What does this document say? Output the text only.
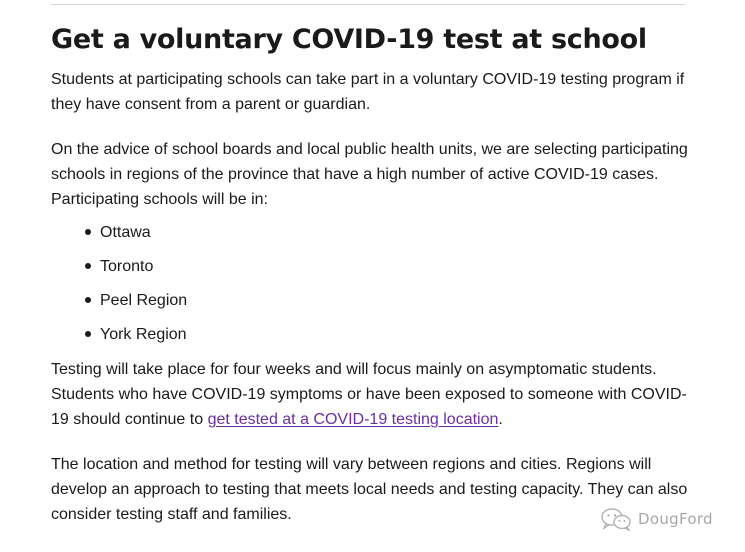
Get a voluntary COVID-19 test at school

Students at participating schools can take part in a voluntary COVID-19 testing program if they have consent from a parent or guardian.

On the advice of school boards and local public health units, we are selecting participating schools in regions of the province that have a high number of active COVID-19 cases. Participating schools will be in:

Ottawa
Toronto
Peel Region
York Region

Testing will take place for four weeks and will focus mainly on asymptomatic students. Students who have COVID-19 symptoms or have been exposed to someone with COVID-19 should continue to get tested at a COVID-19 testing location.

The location and method for testing will vary between regions and cities. Regions will develop an approach to testing that meets local needs and testing capacity. They can also consider testing staff and families.	DougFord
